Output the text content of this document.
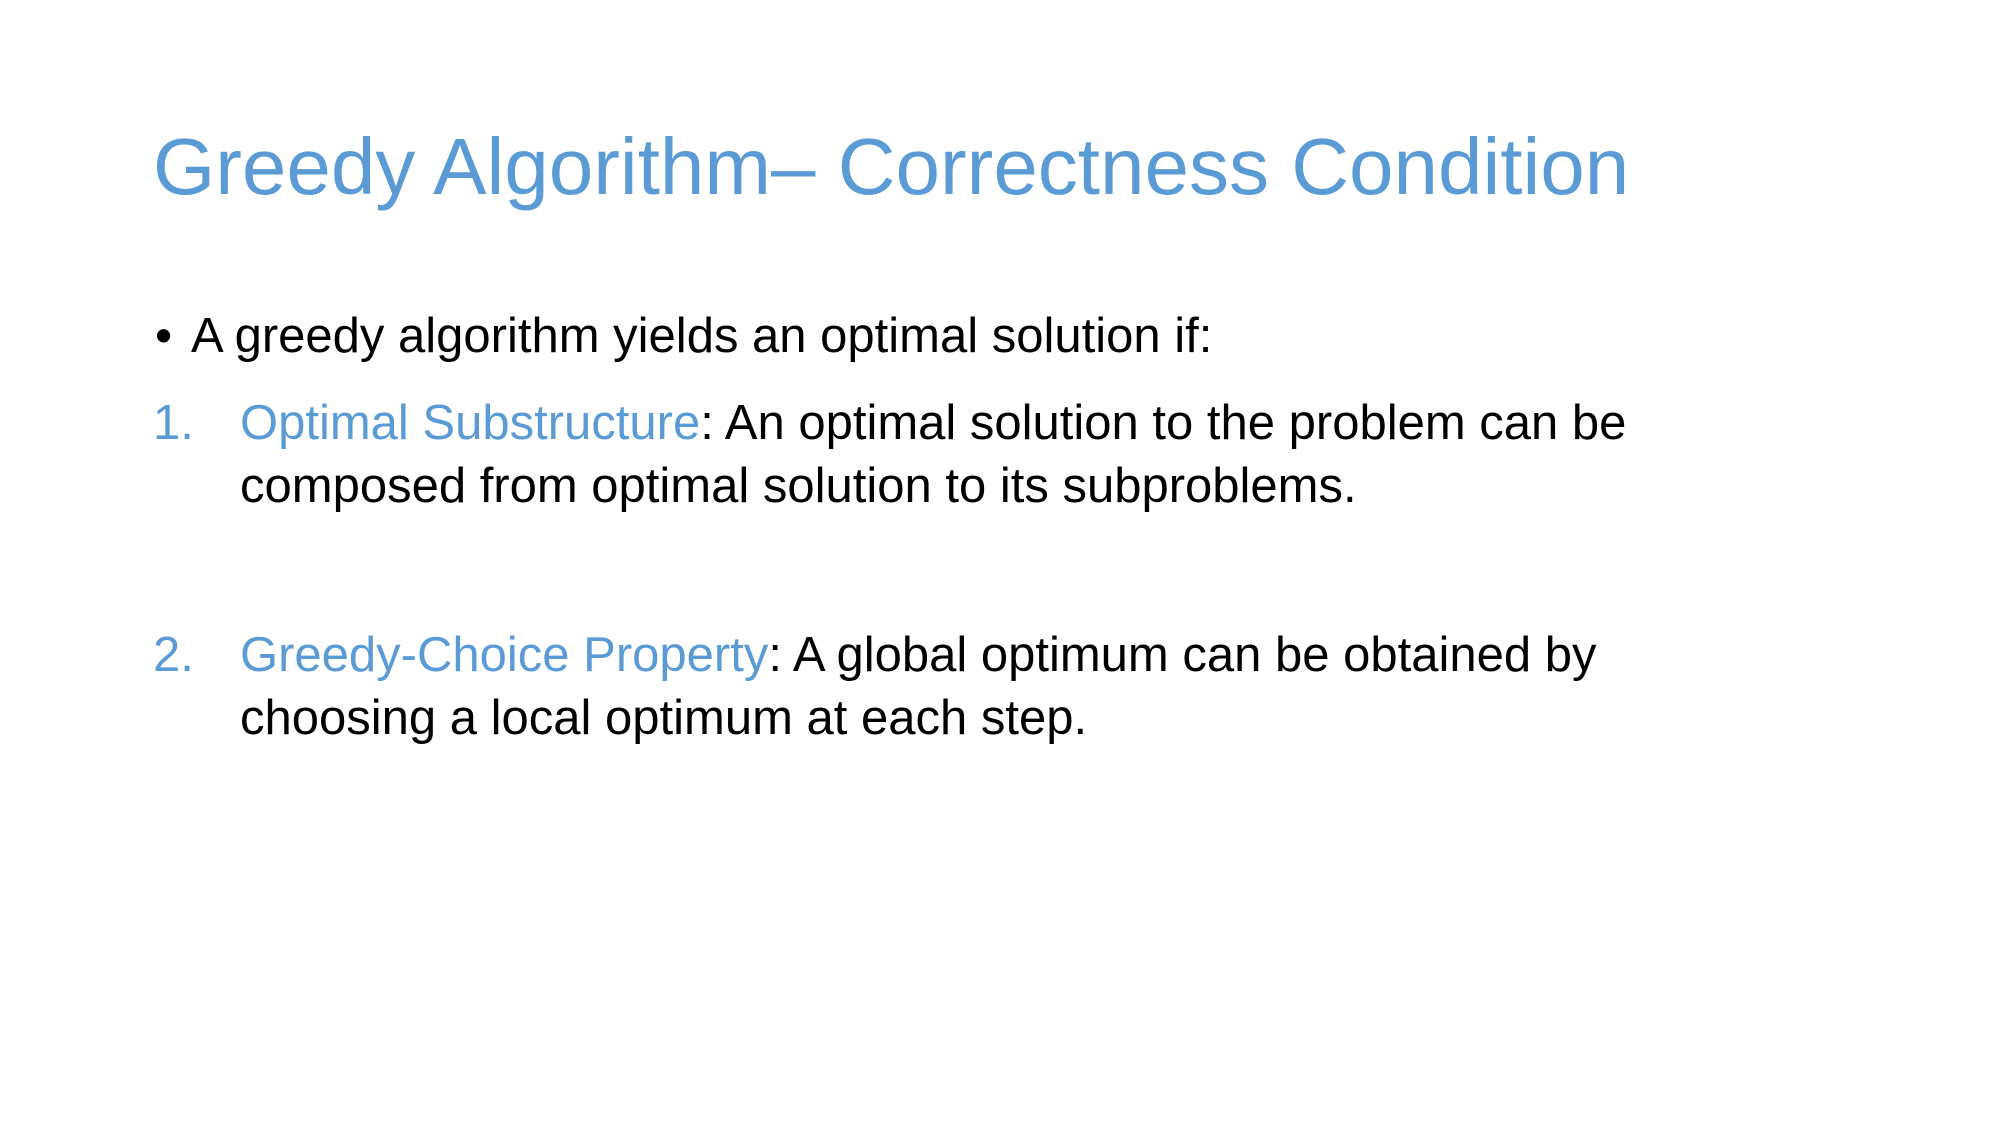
Greedy Algorithm– Correctness Condition
• A greedy algorithm yields an optimal solution if:
1. Optimal Substructure: An optimal solution to the problem can be
composed from optimal solution to its subproblems.
2. Greedy-Choice Property: A global optimum can be obtained by
choosing a local optimum at each step.
